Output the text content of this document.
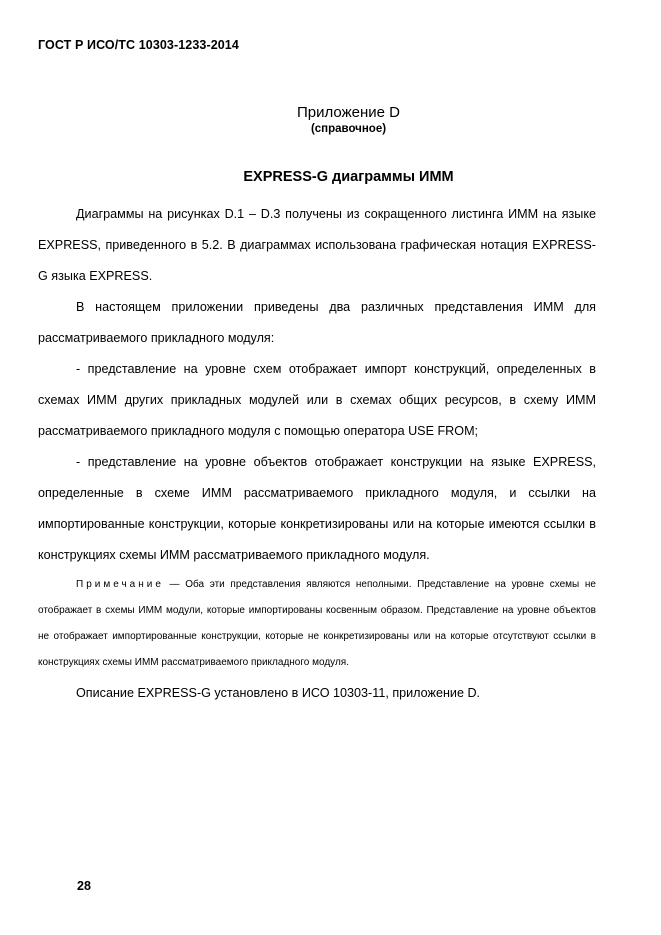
ГОСТ Р ИСО/ТС 10303-1233-2014
Приложение D
(справочное)
EXPRESS-G диаграммы ИММ

Диаграммы на рисунках D.1 – D.3 получены из сокращенного листинга ИММ на языке EXPRESS, приведенного в 5.2. В диаграммах использована графическая нотация EXPRESS-G языка EXPRESS.

В настоящем приложении приведены два различных представления ИММ для рассматриваемого прикладного модуля:

- представление на уровне схем отображает импорт конструкций, определенных в схемах ИММ других прикладных модулей или в схемах общих ресурсов, в схему ИММ рассматриваемого прикладного модуля с помощью оператора USE FROM;

- представление на уровне объектов отображает конструкции на языке EXPRESS, определенные в схеме ИММ рассматриваемого прикладного модуля, и ссылки на импортированные конструкции, которые конкретизированы или на которые имеются ссылки в конструкциях схемы ИММ рассматриваемого прикладного модуля.

Примечание — Оба эти представления являются неполными. Представление на уровне схемы не отображает в схемы ИММ модули, которые импортированы косвенным образом. Представление на уровне объектов не отображает импортированные конструкции, которые не конкретизированы или на которые отсутствуют ссылки в конструкциях схемы ИММ рассматриваемого прикладного модуля.

Описание EXPRESS-G установлено в ИСО 10303-11, приложение D.

28
